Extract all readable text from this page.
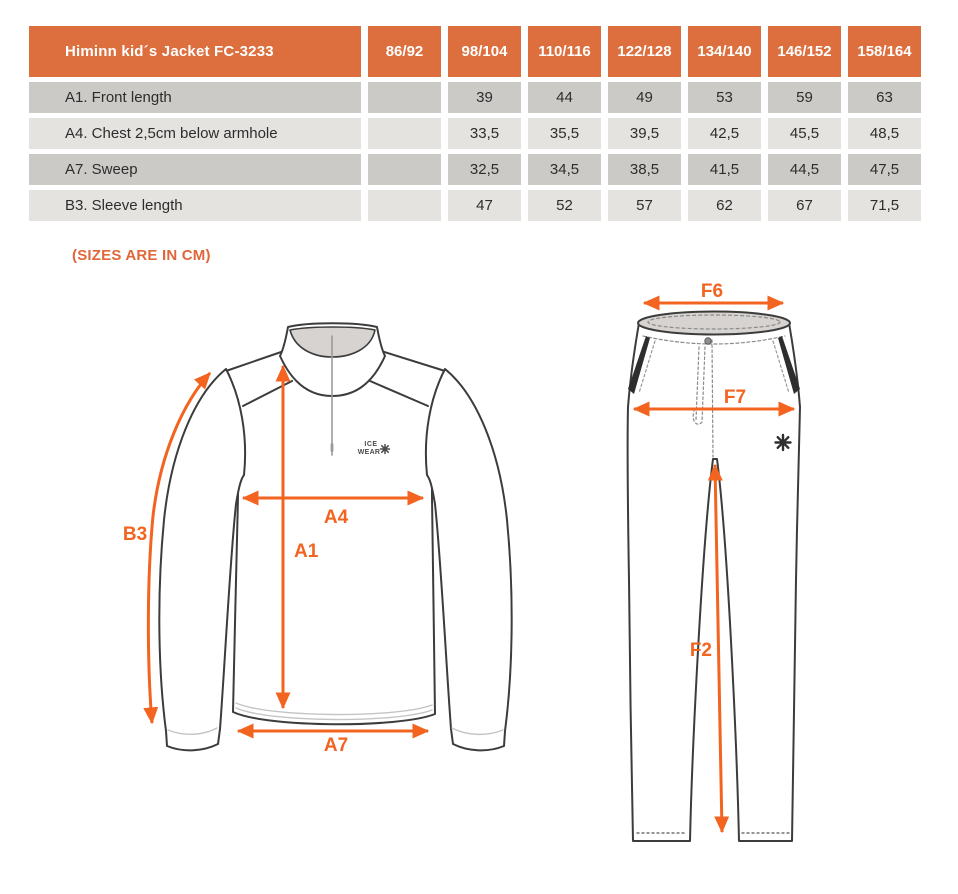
Himinn kid´s Jacket FC-3233	86/92	98/104	110/116	122/128	134/140	146/152	158/164
A1. Front length		39	44	49	53	59	63
A4. Chest 2,5cm below armhole		33,5	35,5	39,5	42,5	45,5	48,5
A7. Sweep		32,5	34,5	38,5	41,5	44,5	47,5
B3. Sleeve length		47	52	57	62	67	71,5
(SIZES ARE IN CM)
ICE
WEAR
B3
A1
A4
A7
F6
F7
F2
